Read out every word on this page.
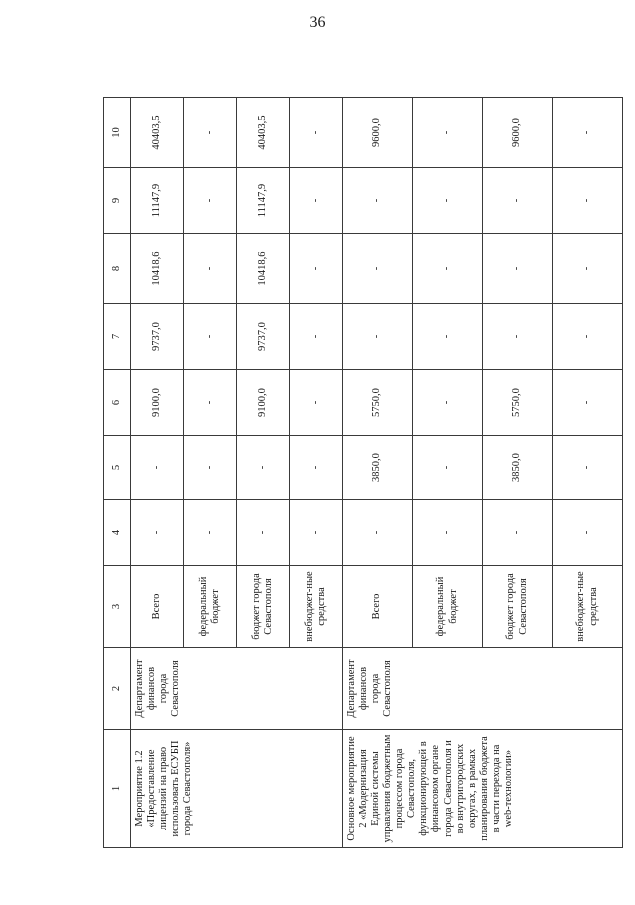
36
1	2	3	4	5	6	7	8	9	10
Мероприятие 1.2 «Предоставление лицензий на право использовать ЕСУБП города Севастополя»	Департамент финансов города Севастополя	Всего	-	-	9100,0	9737,0	10418,6	11147,9	40403,5
		федеральный бюджет	-	-	-	-	-	-	-
		бюджет города Севастополя	-	-	9100,0	9737,0	10418,6	11147,9	40403,5
		внебюджет-ные средства	-	-	-	-	-	-	-
Основное мероприятие 2 «Модернизация Единой системы управления бюджетным процессом города Севастополя, функционирующей в финансовом органе города Севастополя и во внутригородских округах, в рамках планирования бюджета в части перехода на web-технологии»	Департамент финансов города Севастополя	Всего	-	3850,0	5750,0	-	-	-	9600,0
		федеральный бюджет	-	-	-	-	-	-	-
		бюджет города Севастополя	-	3850,0	5750,0	-	-	-	9600,0
		внебюджет-ные средства	-	-	-	-	-	-	-
